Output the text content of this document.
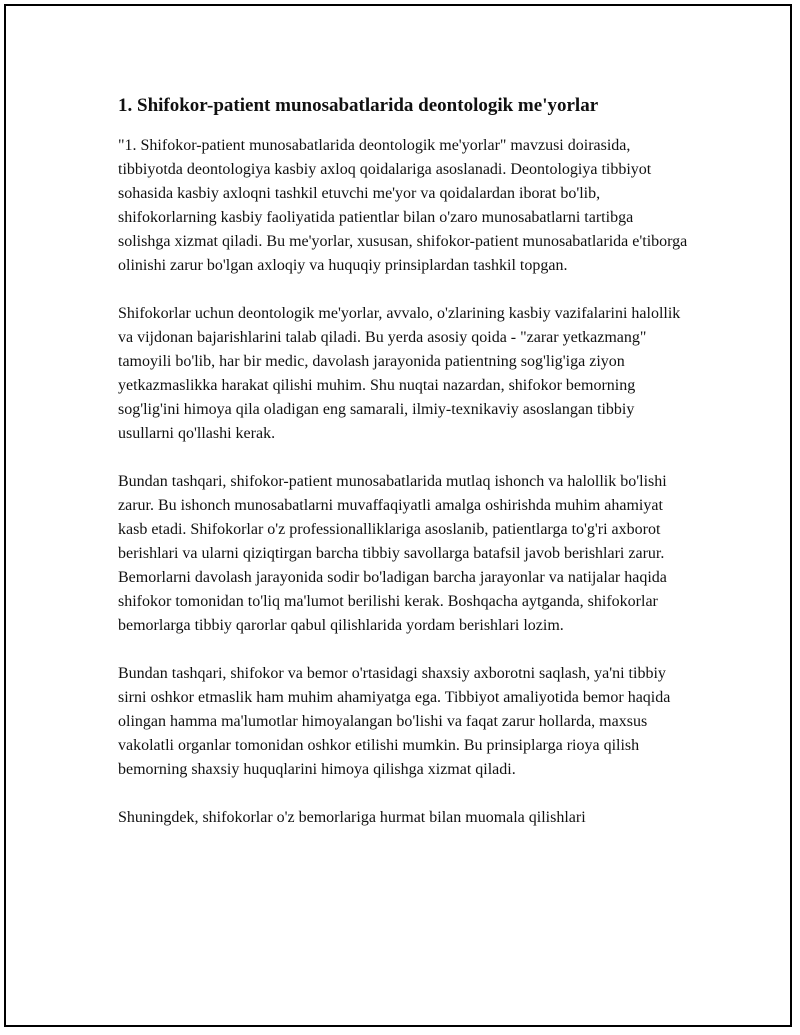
1. Shifokor-patient munosabatlarida deontologik me'yorlar

"1. Shifokor-patient munosabatlarida deontologik me'yorlar" mavzusi doirasida, tibbiyotda deontologiya kasbiy axloq qoidalariga asoslanadi. Deontologiya tibbiyot sohasida kasbiy axloqni tashkil etuvchi me'yor va qoidalardan iborat bo'lib, shifokorlarning kasbiy faoliyatida patientlar bilan o'zaro munosabatlarni tartibga solishga xizmat qiladi. Bu me'yorlar, xususan, shifokor-patient munosabatlarida e'tiborga olinishi zarur bo'lgan axloqiy va huquqiy prinsiplardan tashkil topgan.

Shifokorlar uchun deontologik me'yorlar, avvalo, o'zlarining kasbiy vazifalarini halollik va vijdonan bajarishlarini talab qiladi. Bu yerda asosiy qoida - "zarar yetkazmang" tamoyili bo'lib, har bir medic, davolash jarayonida patientning sog'lig'iga ziyon yetkazmaslikka harakat qilishi muhim. Shu nuqtai nazardan, shifokor bemorning sog'lig'ini himoya qila oladigan eng samarali, ilmiy-texnikaviy asoslangan tibbiy usullarni qo'llashi kerak.

Bundan tashqari, shifokor-patient munosabatlarida mutlaq ishonch va halollik bo'lishi zarur. Bu ishonch munosabatlarni muvaffaqiyatli amalga oshirishda muhim ahamiyat kasb etadi. Shifokorlar o'z professionalliklariga asoslanib, patientlarga to'g'ri axborot berishlari va ularni qiziqtirgan barcha tibbiy savollarga batafsil javob berishlari zarur. Bemorlarni davolash jarayonida sodir bo'ladigan barcha jarayonlar va natijalar haqida shifokor tomonidan to'liq ma'lumot berilishi kerak. Boshqacha aytganda, shifokorlar bemorlarga tibbiy qarorlar qabul qilishlarida yordam berishlari lozim.

Bundan tashqari, shifokor va bemor o'rtasidagi shaxsiy axborotni saqlash, ya'ni tibbiy sirni oshkor etmaslik ham muhim ahamiyatga ega. Tibbiyot amaliyotida bemor haqida olingan hamma ma'lumotlar himoyalangan bo'lishi va faqat zarur hollarda, maxsus vakolatli organlar tomonidan oshkor etilishi mumkin. Bu prinsiplarga rioya qilish bemorning shaxsiy huquqlarini himoya qilishga xizmat qiladi.

Shuningdek, shifokorlar o'z bemorlariga hurmat bilan muomala qilishlari
